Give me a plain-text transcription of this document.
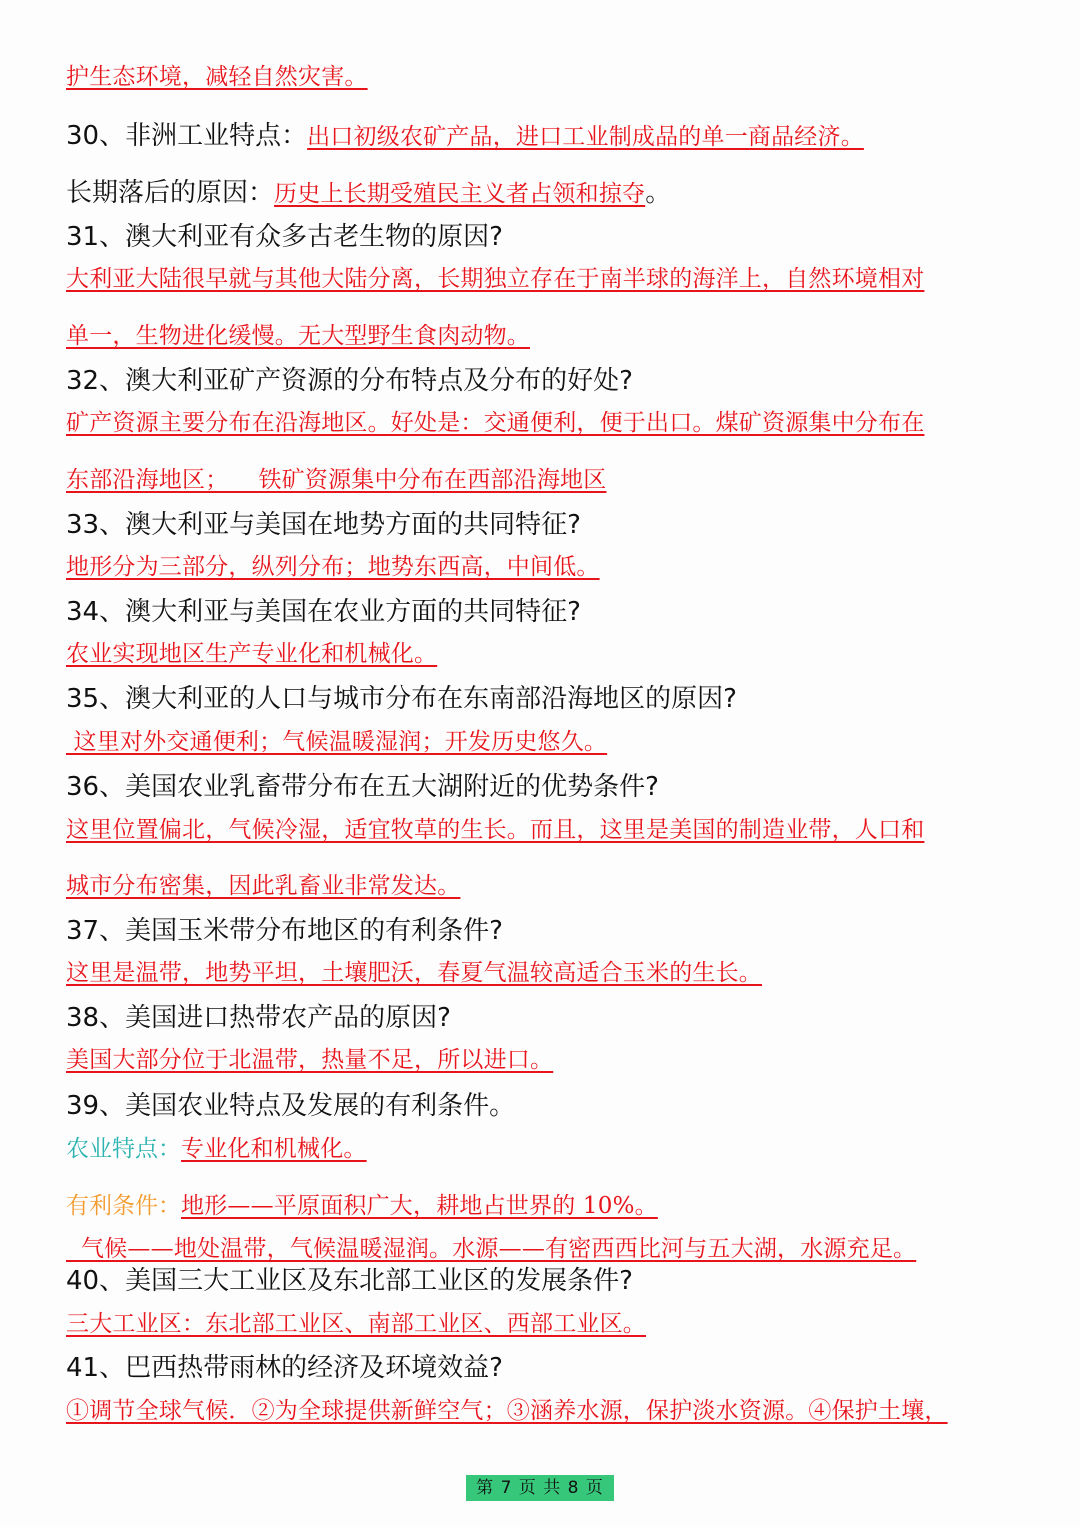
护生态环境，减轻自然灾害。
30、非洲工业特点：出口初级农矿产品，进口工业制成品的单一商品经济。
长期落后的原因：历史上长期受殖民主义者占领和掠夺。
31、澳大利亚有众多古老生物的原因?
大利亚大陆很早就与其他大陆分离，长期独立存在于南半球的海洋上，自然环境相对
单一，生物进化缓慢。无大型野生食肉动物。
32、澳大利亚矿产资源的分布特点及分布的好处?
矿产资源主要分布在沿海地区。好处是：交通便利，便于出口。煤矿资源集中分布在
东部沿海地区；    铁矿资源集中分布在西部沿海地区
33、澳大利亚与美国在地势方面的共同特征?
地形分为三部分，纵列分布；地势东西高，中间低。
34、澳大利亚与美国在农业方面的共同特征?
农业实现地区生产专业化和机械化。
35、澳大利亚的人口与城市分布在东南部沿海地区的原因?
这里对外交通便利；气候温暖湿润；开发历史悠久。
36、美国农业乳畜带分布在五大湖附近的优势条件?
这里位置偏北，气候冷湿，适宜牧草的生长。而且，这里是美国的制造业带，人口和
城市分布密集，因此乳畜业非常发达。
37、美国玉米带分布地区的有利条件?
这里是温带，地势平坦，土壤肥沃，春夏气温较高适合玉米的生长。
38、美国进口热带农产品的原因?
美国大部分位于北温带，热量不足，所以进口。
39、美国农业特点及发展的有利条件。
农业特点：专业化和机械化。
有利条件：地形——平原面积广大，耕地占世界的 10%。
气候——地处温带，气候温暖湿润。水源——有密西西比河与五大湖，水源充足。
40、美国三大工业区及东北部工业区的发展条件?
三大工业区：东北部工业区、南部工业区、西部工业区。
41、巴西热带雨林的经济及环境效益?
①调节全球气候．②为全球提供新鲜空气；③涵养水源，保护淡水资源。④保护土壤，
第 7 页 共 8 页
